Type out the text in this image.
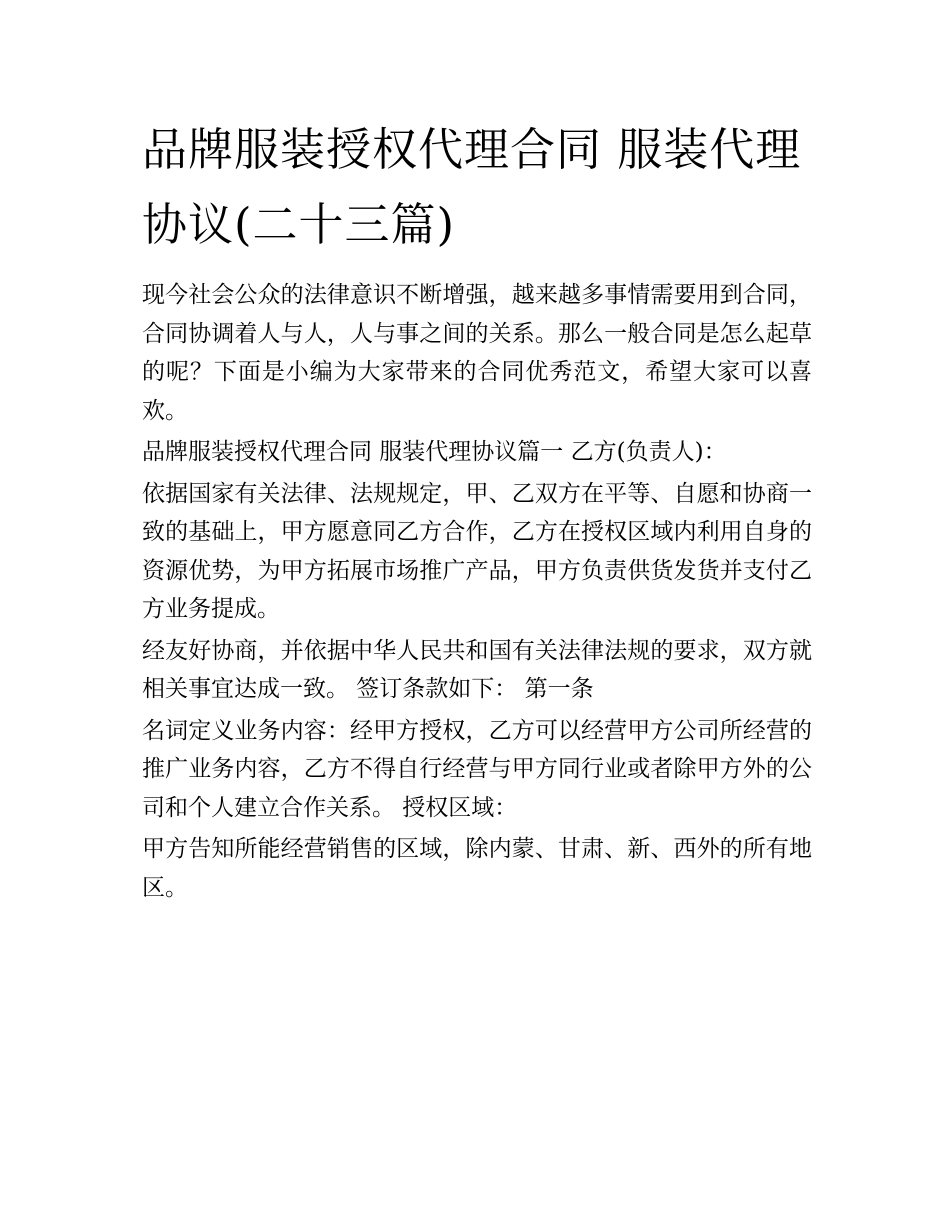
品牌服装授权代理合同 服装代理协议(二十三篇)

现今社会公众的法律意识不断增强，越来越多事情需要用到合同，合同协调着人与人，人与事之间的关系。那么一般合同是怎么起草的呢？下面是小编为大家带来的合同优秀范文，希望大家可以喜欢。

品牌服装授权代理合同 服装代理协议篇一 乙方(负责人)：

依据国家有关法律、法规规定，甲、乙双方在平等、自愿和协商一致的基础上，甲方愿意同乙方合作，乙方在授权区域内利用自身的资源优势，为甲方拓展市场推广产品，甲方负责供货发货并支付乙方业务提成。

经友好协商，并依据中华人民共和国有关法律法规的要求，双方就相关事宜达成一致。 签订条款如下： 第一条

名词定义业务内容：经甲方授权，乙方可以经营甲方公司所经营的推广业务内容，乙方不得自行经营与甲方同行业或者除甲方外的公司和个人建立合作关系。 授权区域：

甲方告知所能经营销售的区域，除内蒙、甘肃、新、西外的所有地区。
